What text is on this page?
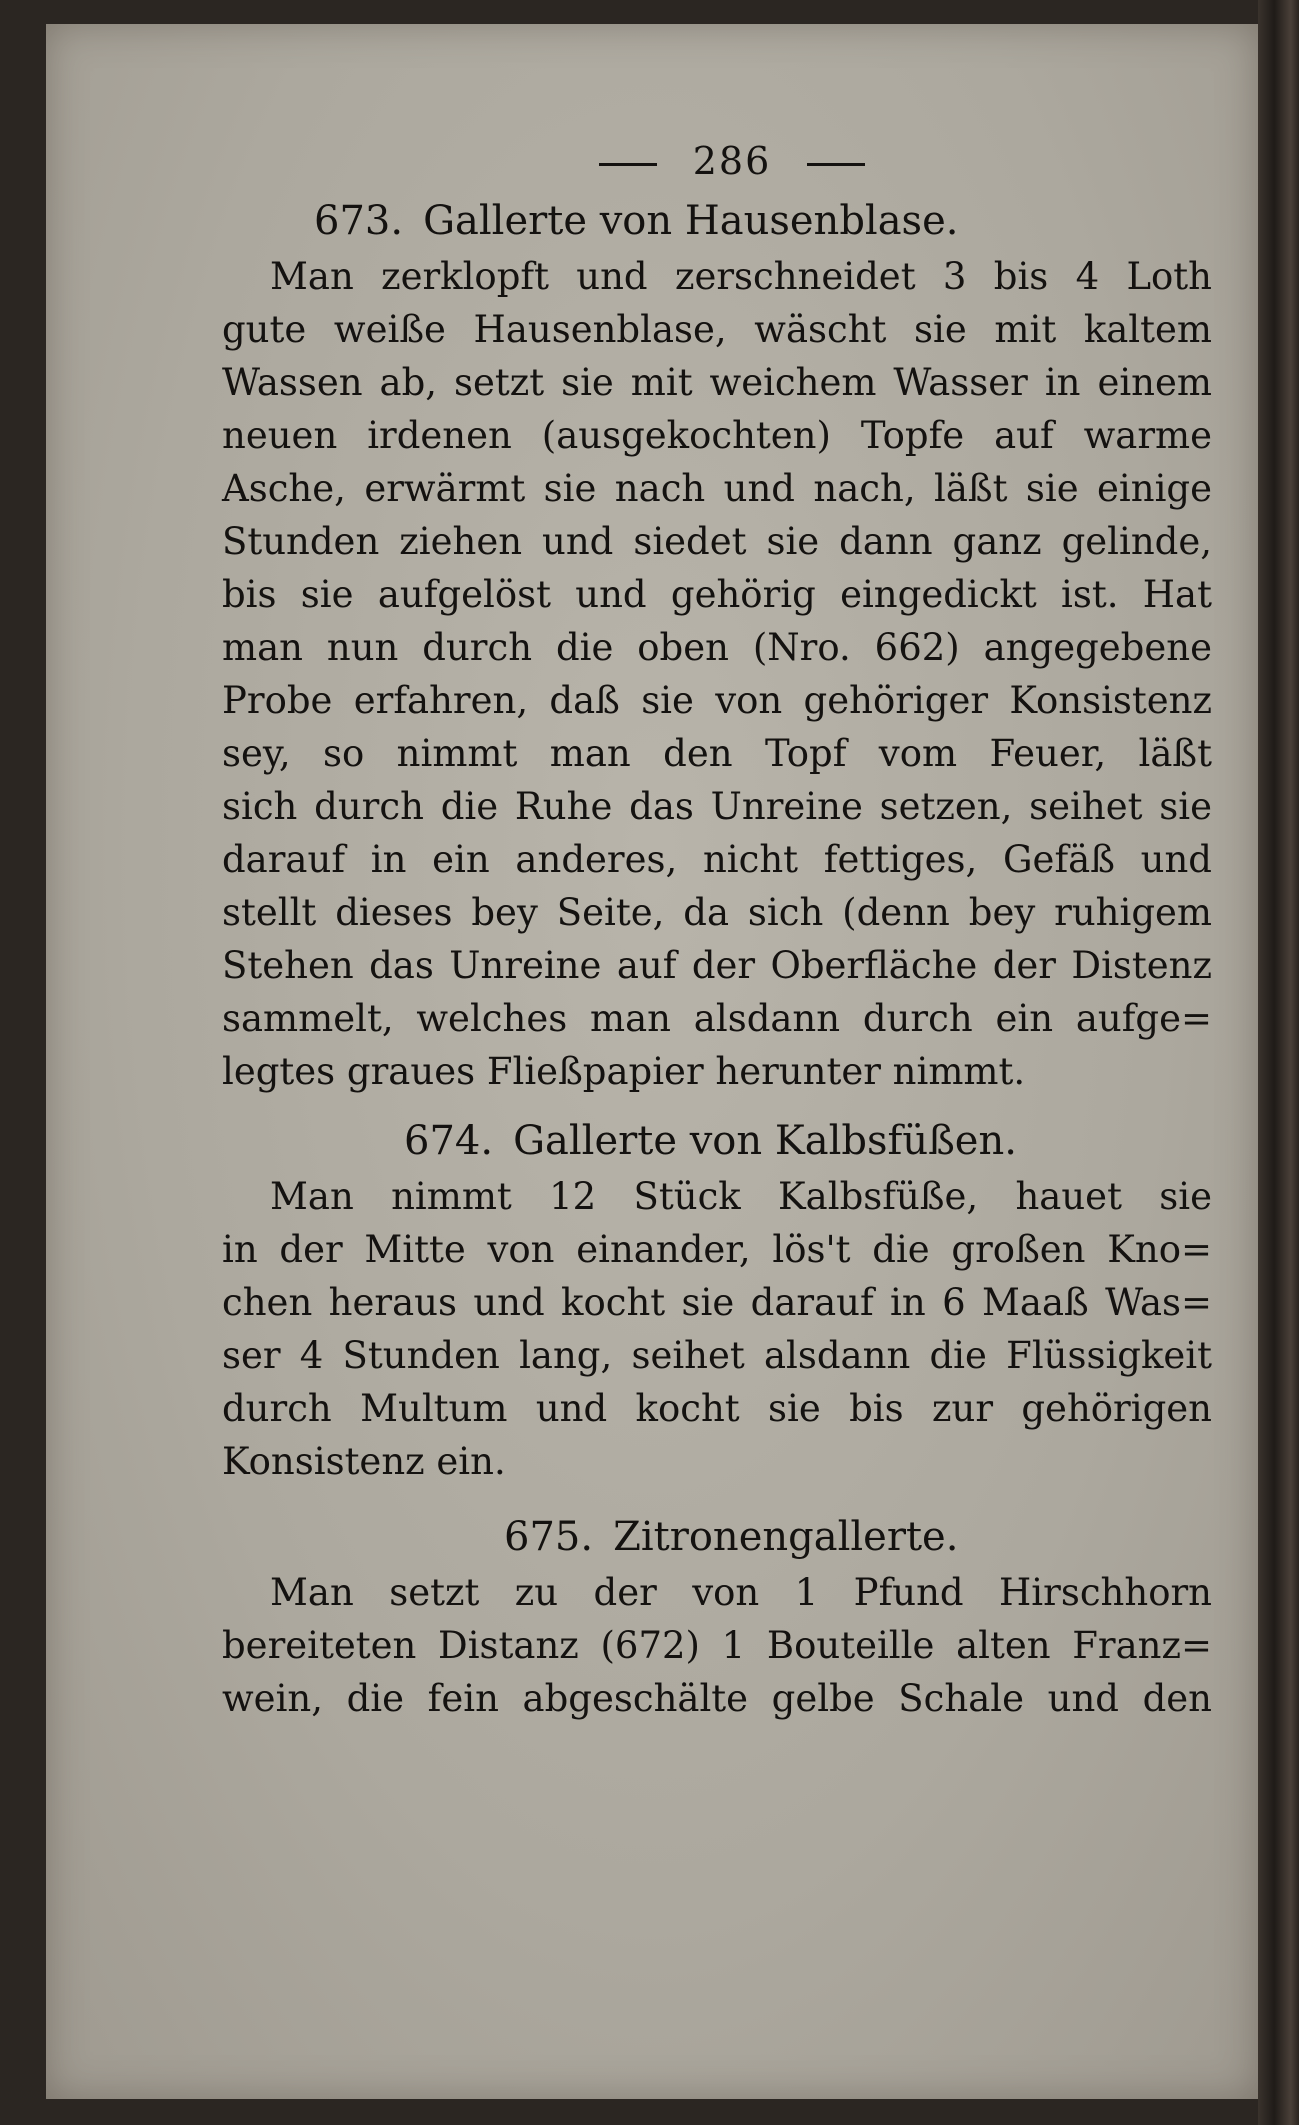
286
673. Gallerte von Hausenblase.
Man zerklopft und zerschneidet 3 bis 4 Loth
gute weiße Hausenblase, wäscht sie mit kaltem
Wassen ab, setzt sie mit weichem Wasser in einem
neuen irdenen (ausgekochten) Topfe auf warme
Asche, erwärmt sie nach und nach, läßt sie einige
Stunden ziehen und siedet sie dann ganz gelinde,
bis sie aufgelöst und gehörig eingedickt ist. Hat
man nun durch die oben (Nro. 662) angegebene
Probe erfahren, daß sie von gehöriger Konsistenz
sey, so nimmt man den Topf vom Feuer, läßt
sich durch die Ruhe das Unreine setzen, seihet sie
darauf in ein anderes, nicht fettiges, Gefäß und
stellt dieses bey Seite, da sich (denn bey ruhigem
Stehen das Unreine auf der Oberfläche der Distenz
sammelt, welches man alsdann durch ein aufge=
legtes graues Fließpapier herunter nimmt.
674. Gallerte von Kalbsfüßen.
Man nimmt 12 Stück Kalbsfüße, hauet sie
in der Mitte von einander, lös't die großen Kno=
chen heraus und kocht sie darauf in 6 Maaß Was=
ser 4 Stunden lang, seihet alsdann die Flüssigkeit
durch Multum und kocht sie bis zur gehörigen
Konsistenz ein.
675. Zitronengallerte.
Man setzt zu der von 1 Pfund Hirschhorn
bereiteten Distanz (672) 1 Bouteille alten Franz=
wein, die fein abgeschälte gelbe Schale und den
